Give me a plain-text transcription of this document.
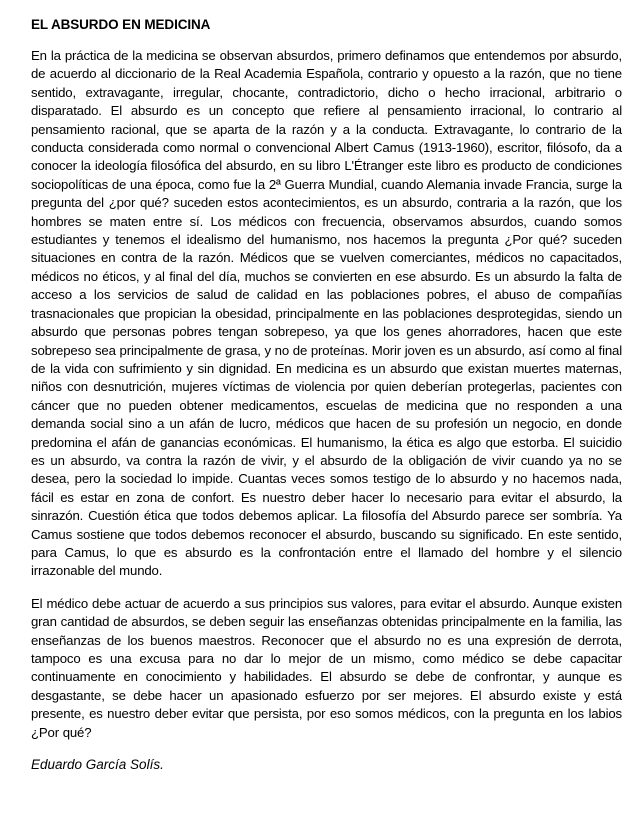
EL ABSURDO EN MEDICINA

En la práctica de la medicina se observan absurdos, primero definamos que entendemos por absurdo, de acuerdo al diccionario de la Real Academia Española, contrario y opuesto a la razón, que no tiene sentido, extravagante, irregular, chocante, contradictorio, dicho o hecho irracional, arbitrario o disparatado. El absurdo es un concepto que refiere al pensamiento irracional, lo contrario al pensamiento racional, que se aparta de la razón y a la conducta. Extravagante, lo contrario de la conducta considerada como normal o convencional Albert Camus (1913-1960), escritor, filósofo, da a conocer la ideología filosófica del absurdo, en su libro L'Étranger este libro es producto de condiciones sociopolíticas de una época, como fue la 2ª Guerra Mundial, cuando Alemania invade Francia, surge la pregunta del ¿por qué? suceden estos acontecimientos, es un absurdo, contraria a la razón, que los hombres se maten entre sí. Los médicos con frecuencia, observamos absurdos, cuando somos estudiantes y tenemos el idealismo del humanismo, nos hacemos la pregunta ¿Por qué? suceden situaciones en contra de la razón. Médicos que se vuelven comerciantes, médicos no capacitados, médicos no éticos, y al final del día, muchos se convierten en ese absurdo. Es un absurdo la falta de acceso a los servicios de salud de calidad en las poblaciones pobres, el abuso de compañías trasnacionales que propician la obesidad, principalmente en las poblaciones desprotegidas, siendo un absurdo que personas pobres tengan sobrepeso, ya que los genes ahorradores, hacen que este sobrepeso sea principalmente de grasa, y no de proteínas. Morir joven es un absurdo, así como al final de la vida con sufrimiento y sin dignidad. En medicina es un absurdo que existan muertes maternas, niños con desnutrición, mujeres víctimas de violencia por quien deberían protegerlas, pacientes con cáncer que no pueden obtener medicamentos, escuelas de medicina que no responden a una demanda social sino a un afán de lucro, médicos que hacen de su profesión un negocio, en donde predomina el afán de ganancias económicas. El humanismo, la ética es algo que estorba. El suicidio es un absurdo, va contra la razón de vivir, y el absurdo de la obligación de vivir cuando ya no se desea, pero la sociedad lo impide. Cuantas veces somos testigo de lo absurdo y no hacemos nada, fácil es estar en zona de confort. Es nuestro deber hacer lo necesario para evitar el absurdo, la sinrazón. Cuestión ética que todos debemos aplicar. La filosofía del Absurdo parece ser sombría. Ya Camus sostiene que todos debemos reconocer el absurdo, buscando su significado. En este sentido, para Camus, lo que es absurdo es la confrontación entre el llamado del hombre y el silencio irrazonable del mundo.

El médico debe actuar de acuerdo a sus principios sus valores, para evitar el absurdo. Aunque existen gran cantidad de absurdos, se deben seguir las enseñanzas obtenidas principalmente en la familia, las enseñanzas de los buenos maestros. Reconocer que el absurdo no es una expresión de derrota, tampoco es una excusa para no dar lo mejor de un mismo, como médico se debe capacitar continuamente en conocimiento y habilidades. El absurdo se debe de confrontar, y aunque es desgastante, se debe hacer un apasionado esfuerzo por ser mejores. El absurdo existe y está presente, es nuestro deber evitar que persista, por eso somos médicos, con la pregunta en los labios ¿Por qué?

Eduardo García Solís.
